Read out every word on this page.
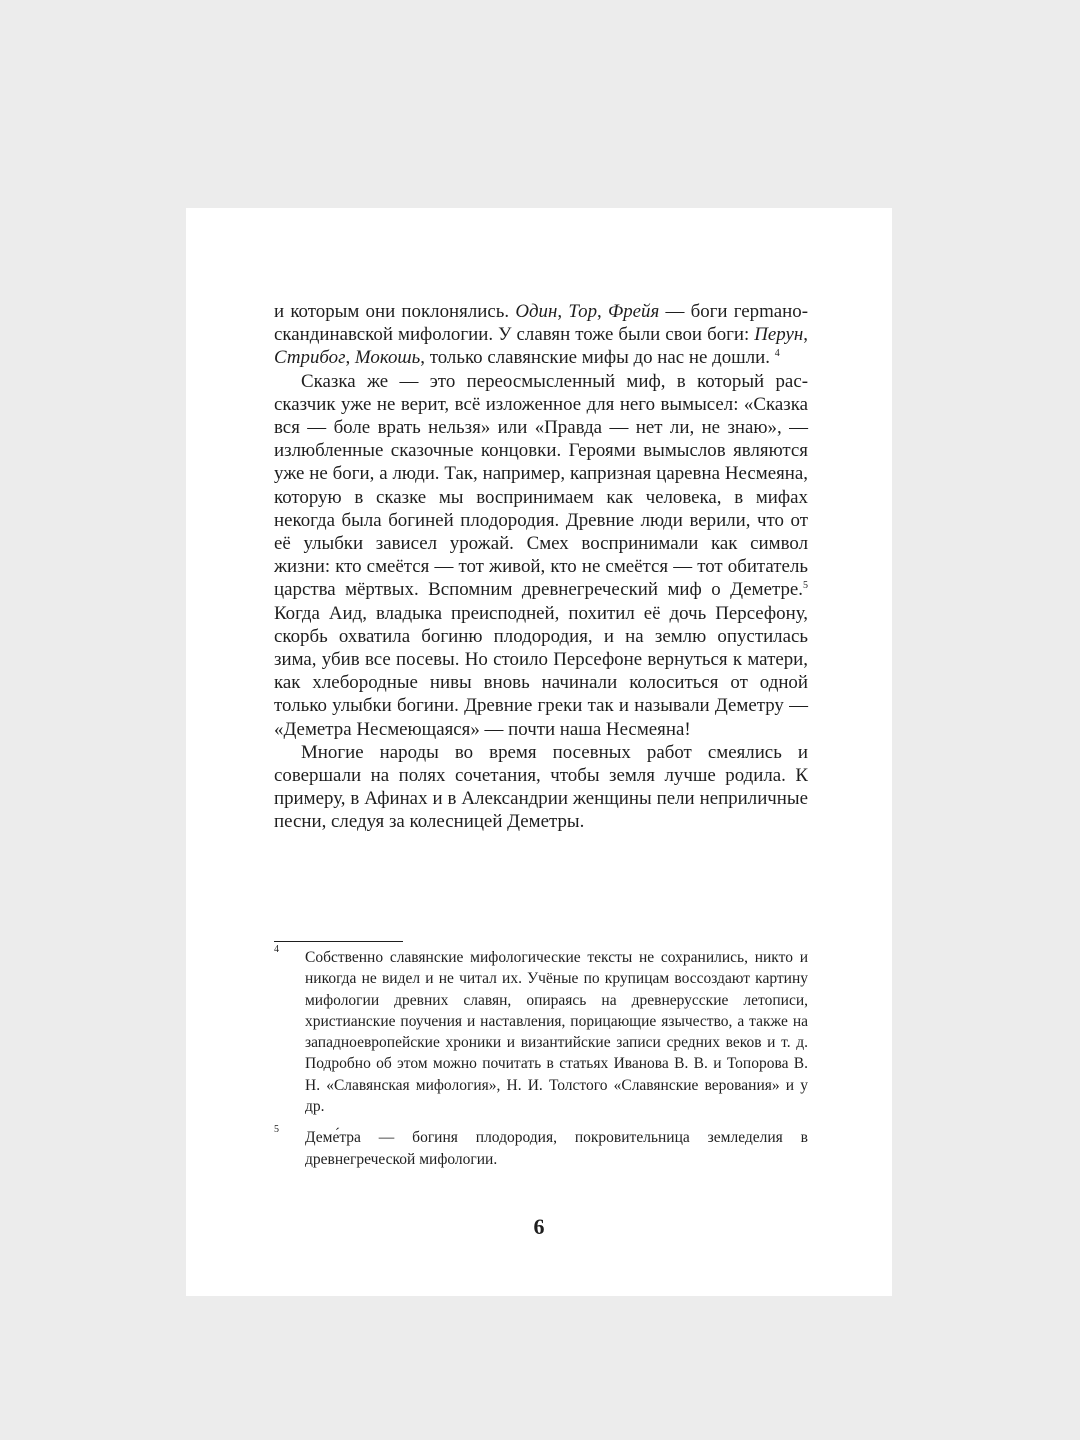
и которым они поклонялись. Один, Тор, Фрейя — боги герmано-скандинавской мифологии. У славян тоже были свои боги: Перун, Стрибог, Мокошь, только славянские мифы до нас не дошли. $^4$

Сказка же — это переосмысленный миф, в который рассказчик уже не верит, всё изложенное для него вымысел: «Сказка вся — боле врать нельзя» или «Правда — нет ли, не знаю», — излюбленные сказочные концовки. Героями вымыслов являются уже не боги, а люди. Так, например, капризная царевна Несмеяна, которую в сказке мы воспринимаем как человека, в мифах некогда была богиней плодородия. Древние люди верили, что от её улыбки зависел урожай. Смех воспринимали как символ жизни: кто смеётся — тот живой, кто не смеётся — тот обитатель царства мёртвых. Вспомним древнегреческий миф о Деметре.$^5$ Когда Аид, владыка преисподней, похитил её дочь Персефону, скорбь охватила богиню плодородия, и на землю опустилась зима, убив все посевы. Но стоило Персефоне вернуться к матери, как хлебородные нивы вновь начинали колоситься от одной только улыбки богини. Древние греки так и называли Деметру — «Деметра Несмеющаяся» — почти наша Несмеяна!

Многие народы во время посевных работ смеялись и совершали на полях сочетания, чтобы земля лучше родила. К примеру, в Афинах и в Александрии женщины пели неприличные песни, следуя за колесницей Деметры.

4 Собственно славянские мифологические тексты не сохранились, никто и никогда не видел и не читал их. Учёные по крупицам воссоздают картину мифологии древних славян, опираясь на древнерусские летописи, христианские поучения и наставления, порицающие язычество, а также на западноевропейские хроники и византийские записи средних веков и т. д. Подробно об этом можно почитать в статьях Иванова В. В. и Топорова В. Н. «Славянская мифология», Н. И. Толстого «Славянские верования» и у др.
5 Деме́тра — богиня плодородия, покровительница земледелия в древнегреческой мифологии.
6
